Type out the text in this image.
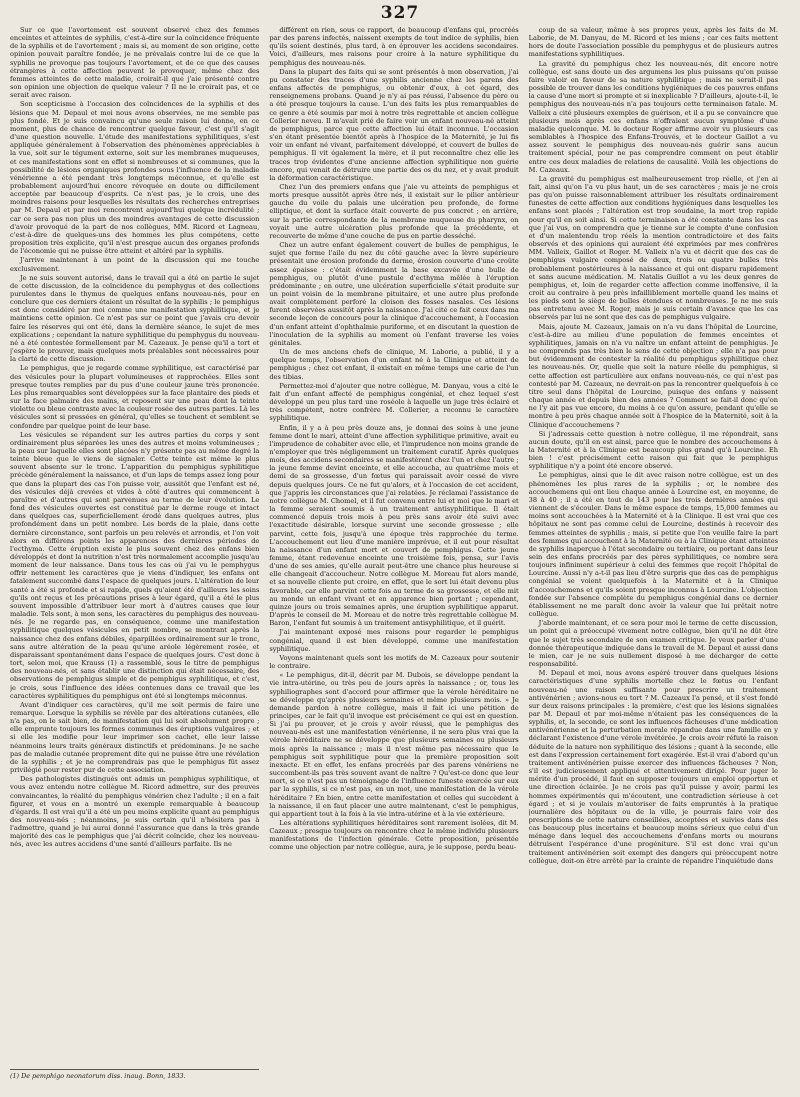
327

Sur ce que l'avortement est souvent observé chez des femmes enceintes et atteintes de syphilis, c'est-à-dire sur la coïncidence fréquente de la syphilis et de l'avortement ; mais si, au moment de son origine, cette opinion pouvait paraître fondée, je ne prévalais contre lui de ce que la syphilis ne provoque pas toujours l'avortement, et de ce que des causes étrangères à cette affection peuvent le provoquer, même chez des femmes atteintes de cette maladie, croirait-il que j'aie présenté contre son opinion une objection de quelque valeur ? Il ne le croirait pas, et ce serait avec raison.

Son scepticisme à l'occasion des coïncidences de la syphilis et des lésions que M. Depaul et moi nous avons observées, ne me semble pas plus fondé. Et je suis convaincu qu'une seule raison lui donne, en ce moment, plus de chance de rencontrer quelque faveur, c'est qu'il s'agit d'une question nouvelle. L'étude des manifestations syphilitiques, s'est appliquée généralement à l'observation des phénomènes appréciables à la vue, soit sur le tégument externe, soit sur les membranes muqueuses, et ces manifestations sont en effet si nombreuses et si communes, que la possibilité de lésions organiques profondes sous l'influence de la maladie vénérienne a été pendant très longtemps méconnue, et qu'elle est probablement aujourd'hui encore révoquée en doute ou difficilement acceptée par beaucoup d'esprits. Ce n'est pas, je le crois, une des moindres raisons pour lesquelles les résultats des recherches entreprises par M. Depaul et par moi rencontrent aujourd'hui quelque incrédulité ; car ce sera pas non plus un des moindres avantages de cette discussion d'avoir provoqué de la part de nos collègues, MM. Ricord et Lagneau, c'est-à-dire de quelques-uns des hommes les plus compétens, cette proposition très explicite, qu'il n'est presque aucun des organes profonds de l'économie qui ne puisse être atteint et altéré par la syphilis.

J'arrive maintenant à un point de la discussion qui me touche exclusivement.

Je ne suis souvent autorisé, dans le travail qui a été en partie le sujet de cette discussion, de la coïncidence du pemphygus et des collections purulentes dans le thymus de quelques enfans nouveau-nés, pour en conclure que ces derniers étaient un résultat de la syphilis ; le pemphigus est donc considéré par moi comme une manifestation syphilitique, et je maintiens cette opinion. Ce n'est pas sur ce point que j'avais cru devoir faire les réserves qui ont été, dans la dernière séance, le sujet de mes explications ; cependant la nature syphilitique du pemphygus du nouveau-né a été contestée formellement par M. Cazeaux. Je pense qu'il a tort et j'espère le prouver, mais quelques mots préalables sont nécessaires pour la clarté de cette discussion.

Le pemphigus, que je regarde comme syphilitique, est caractérisé par des vésicules pour la plupart volumineuses et rapprochées. Elles sont presque toutes remplies par du pus d'une couleur jaune très prononcée. Les plus remarquables sont développées sur la face plantaire des pieds et sur la face palmaire des mains, et reposent sur une peau dont la teinte violette ou bleue contraste avec la couleur rosée des autres parties. Là les vésicules sont si pressées en général, qu'elles se touchent et semblent se confondre par quelque point de leur base.

Les vésicules se répandent sur les autres parties du corps y sont ordinairement plus séparées les unes des autres et moins volumineuses ; la peau sur laquelle elles sont placées n'y présente pas au même degré la teinte bleue que le viens de signaler. Cette teinte est même le plus souvent absente sur le tronc. L'apparition du pemphigus syphilitique précède généralement la naissance, et d'un laps de temps assez long pour que dans la plupart des cas l'on puisse voir, aussitôt que l'enfant est né, des vésicules déjà crevées et vides à côté d'autres qui commencent à paraître et d'autres qui sont parvenues au terme de leur évolution. Le fond des vésicules ouvertes est constitué par le derme rouge et intact dans quelques cas, superficiellement érodé dans quelques autres, plus profondément dans un petit nombre. Les bords de la plaie, dans cette dernière circonstance, sont parfois un peu relevés et arrondis, et l'on voit alors en différens points les apparences des dernières périodes de l'ecthyma. Cette éruption existe le plus souvent chez des enfans bien développés et dont la nutrition n'est très normalement accomplie jusqu'au moment de leur naissance. Dans tous les cas où j'ai vu le pemphygus offrir nettement les caractères que je viens d'indiquer, les enfans ont fatalement succombé dans l'espace de quelques jours. L'altération de leur santé a été si profonde et si rapide, quels qu'aient été d'ailleurs les soins qu'ils ont reçus et les précautions prises à leur égard, qu'il a été le plus souvent impossible d'attribuer leur mort à d'autres causes que leur maladie. Tels sont, à mon sens, les caractères du pemphigus des nouveau-nés. Je ne regarde pas, en conséquence, comme une manifestation syphilitique quelques vésicules en petit nombre, se montrant après la naissance chez des enfans débiles, éparpillées ordinairement sur le tronc, sans autre altération de la peau qu'une aréole légèrement rosée, et disparaissant spontanément dans l'espace de quelques jours. C'est donc à tort, selon moi, que Krauss (1) a rassemblé, sous le titre de pemphigus des nouveau-nés, et sans établir une distinction qui était nécessaire, des observations de pemphigus simple et de pemphigus syphilitique, et c'est, je crois, sous l'influence des idées contenues dans ce travail que les caractères syphilitiques du pemphigus ont été si longtemps méconnus.

Avant d'indiquer ces caractères, qu'il me soit permis de faire une remarque. Lorsque la syphilis se révèle par des altérations cutanées, elle n'a pas, on le sait bien, de manifestation qui lui soit absolument propre ; elle emprunte toujours les formes communes des éruptions vulgaires ; et si elle les modifie pour leur imprimer son cachet, elle leur laisse néanmoins leurs traits généraux distinctifs et prédominans. Je ne sache pas de maladie cutanée proprement dite qui ne puisse être une révélation de la syphilis ; et je ne comprendrais pas que le pemphigus fût assez privilégié pour rester pur de cette association.

Des pathologistes distingués ont admis un pemphigus syphilitique, et vous avez entendu notre collègue M. Ricord admettre, sur des preuves convaincantes, la réalité du pemphigus vénérien chez l'adulte ; il en a fait figurer, et vous en a montré un exemple remarquable à beaucoup d'égards. Il est vrai qu'il a été un peu moins explicite quant au pemphigus des nouveau-nés ; néanmoins, je suis certain qu'il n'hésitera pas à l'admettre, quand je lui aurai donné l'assurance que dans la très grande majorité des cas le pemphigus que j'ai décrit coïncide, chez les nouveau-nés, avec les autres accidens d'une santé d'ailleurs parfaite. Ils ne

(1) De pemphigo neonatorum diss. inaug. Bonn, 1833.

différent en rien, sous ce rapport, de beaucoup d'enfans qui, procréés par des parens infectés, naissent exempts de tout indice de syphilis, bien qu'ils soient destinés, plus tard, à en éprouver les accidens secondaires. Voici, d'ailleurs, mes raisons pour croire à la nature syphilitique du pemphigus des nouveau-nés.

Dans la plupart des faits qui se sont présentés à mon observation, j'ai pu constater des traces d'une syphilis ancienne chez les parens des enfans affectés de pemphigus, ou obtenir d'eux, à cet égard, des renseignemens probans. Quand je n'y ai pas réussi, l'absence du père ou a été presque toujours la cause. L'un des faits les plus remarquables de ce genre a été soumis par moi à notre très regrettable et ancien collègue Collerier neveu. Il m'avait prié de faire voir un enfant nouveau-né atteint de pemphigus, parce que cette affection lui était inconnue. L'occasion s'en étant présentée bientôt après à l'hospice de la Maternité, je lui fis voir un enfant né vivant, parfaitement développé, et couvert de bulles de pemphigus. Il vit également la mère, et il put reconnaître chez elle les traces trop évidentes d'une ancienne affection syphilitique non guérie encore, qui venait de détruire une partie des os du nez, et y avait produit la déformation caractéristique.

Chez l'un des premiers enfans que j'aie vu atteints de pemphigus et morts presque aussitôt après être nés, il existait sur le pilier antérieur gauche du voile du palais une ulcération peu profonde, de forme elliptique, et dont la surface était couverte de pus concret ; en arrière, sur la partie correspondante de la membrane muqueuse du pharynx, on voyait une autre ulcération plus profonde que la précédente, et recouverte de même d'une couche de pus en partie desséché.

Chez un autre enfant également couvert de bulles de pemphigus, le sujet que forme l'aile du nez du côté gauche avec la lèvre supérieure présentait une érosion profonde du derme, érosion couverte d'une croûte assez épaisse : c'était évidemment la base excavée d'une bulle de pemphigus, ou plutôt d'une pustule d'ecthyma mêlée à l'éruption prédominante ; en outre, une ulcération superficielle s'était produite sur un point voisin de la membrane pituitaire, et une autre plus profonde avait complètement perforé la cloison des fosses nasales. Ces lésions furent observées aussitôt après la naissance. J'ai cité ce fait ceux dans ma seconde leçon de concours pour la clinique d'accouchement, à l'occasion d'un enfant atteint d'ophthalmie puriforme, et en discutant la question de l'inoculation de la syphilis au moment où l'enfant traverse les voies génitales.

Un de mes anciens chefs de clinique, M. Laborie, a publié, il y a quelque temps, l'observation d'un enfant né à la Clinique et atteint de pemphigus ; chez cet enfant, il existait en même temps une carie de l'un des tibias.

Permettez-moi d'ajouter que notre collègue, M. Danyau, vous a cité le fait d'un enfant affecté de pemphigus congénial, et chez lequel s'est développé un peu plus tard une roséole à laquelle un juge très éclairé et très compétent, notre confrère M. Collerier, a reconnu le caractère syphilitique.

Enfin, il y a à peu près douze ans, je donnai des soins à une jeune femme dont le mari, atteint d'une affection syphilitique primitive, avait eu l'imprudence de cohabiter avec elle, et l'imprudence non moins grande de n'employer que très négligemment un traitement curatif. Après quelques mois, des accidens secondaires se manifestèrent chez l'un et chez l'autre ; la jeune femme devint enceinte, et elle accoucha, au quatrième mois et demi de sa grossesse, d'un fœtus qui paraissait avoir cessé de vivre depuis quelques jours. Ce ne fut qu'alors, et à l'occasion de cet accident, que j'appris les circonstances que j'ai relatées. Je réclamai l'assistance de notre collègue M. Chomel, et il fut convenu entre lui et moi que le mari et la femme seraient soumis à un traitement antisyphilitique. Il était commencé depuis trois mois à peu près sans avoir été suivi avec l'exactitude désirable, lorsque survint une seconde grossesse ; elle parvint, cette fois, jusqu'à une époque très rapprochée du terme. L'accouchement eut lieu d'une manière imprévue, et il eut pour résultat la naissance d'un enfant mort et couvert de pemphigus. Cette jeune femme, étant redevenue enceinte une troisième fois, pensa, sur l'avis d'une de ses amies, qu'elle aurait peut-être une chance plus heureuse si elle changeait d'accoucheur. Notre collègue M. Moreau fut alors mandé, et sa nouvelle cliente put croire, en effet, que le sort lui était devenu plus favorable, car elle parvint cette fois au terme de sa grossesse, et elle mit au monde un enfant vivant et en apparence bien portant ; cependant, quinze jours ou trois semaines après, une éruption syphilitique apparut. D'après le conseil de M. Moreau et de notre très regrettable collègue M. Baron, l'enfant fut soumis à un traitement antisyphilitique, et il guérit.

J'ai maintenant exposé mes raisons pour regarder le pemphigus congénial, quand il est bien développé, comme une manifestation syphilitique.

Voyons maintenant quels sont les motifs de M. Cazeaux pour soutenir le contraire.

« Le pemphigus, dit-il, décrit par M. Dubois, se développe pendant la vie intra-utérine, ou très peu de jours après la naissance ; or, tous les syphiliographes sont d'accord pour affirmer que la vérole héréditaire ne se développe qu'après plusieurs semaines et même plusieurs mois. » Je demande pardon à notre collègue, mais il fait ici une pétition de principes, car le fait qu'il invoque est précisément ce qui est en question. Si j'ai pu prouver, et je crois y avoir réussi, que le pemphigus des nouveau-nés est une manifestation vénérienne, il ne sera plus vrai que la vérole héréditaire ne se développe que plusieurs semaines ou plusieurs mois après la naissance ; mais il n'est même pas nécessaire que le pemphigus soit syphilitique pour que la première proposition soit inexacte. Et en effet, les enfans procréés par des parens vénériens ne succombent-ils pas très souvent avant de naître ? Qu'est-ce donc que leur mort, si ce n'est pas un témoignage de l'influence funeste exercée sur eux par la syphilis, si ce n'est pas, en un mot, une manifestation de la vérole héréditaire ? En bien, entre cette manifestation et celles qui succèdent à la naissance, il en faut placer une autre maintenant, c'est le pemphigus, qui appartient tout à la fois à la vie intra-utérine et à la vie extérieure.

Les altérations syphilitiques héréditaires sont rarement isolées, dit M. Cazeaux ; presque toujours on rencontre chez le même individu plusieurs manifestations de l'infection générale. Cette proposition, présentée comme une objection par notre collègue, aura, je le suppose, perdu beau-

coup de sa valeur, même à ses propres yeux, après les faits de M. Laborie, de M. Danyau, de M. Ricord et les miens ; car ces faits mettent hors de doute l'association possible du pemphygus et de plusieurs autres manifestations syphilitiques.

La gravité du pemphigus chez les nouveau-nés, dit encore notre collègue, est sans doute un des argumens les plus puissans qu'on puisse faire valoir en faveur de sa nature syphilitique ; mais ne serait-il pas possible de trouver dans les conditions hygiéniques de ces pauvres enfans la cause d'une mort si prompte et si inexplicable ? D'ailleurs, ajoute-t-il, le pemphigus des nouveau-nés n'a pas toujours cette terminaison fatale. M. Valleix a cité plusieurs exemples de guérison, et il a pu se convaincre que plusieurs mois après ces enfans n'offraient aucun symptôme d'une maladie quelconque. M. le docteur Roger affirme avoir vu plusieurs cas semblables à l'hospice des Enfans-Trouvés, et le docteur Gaillot a vu assez souvent le pemphigus des nouveau-nés guérir sans aucun traitement spécial, pour ne pas comprendre comment on peut établir entre ces deux maladies de relations de causalité. Voilà les objections de M. Cazeaux.

La gravité du pemphigus est malheureusement trop réelle, et j'en ai fait, ainsi qu'on l'a vu plus haut, un de ses caractères ; mais je ne crois pas qu'on puisse raisonnablement attribuer les résultats ordinairement funestes de cette affection aux conditions hygiéniques dans lesquelles les enfans sont placés ; l'altération est trop soudaine, la mort trop rapide pour qu'il en soit ainsi. Si cette terminaison a été constante dans les cas que j'ai vus, on comprendra que je tienne sur le compte d'une confusion et d'un malentendu trop réels la mention contradictoire et des faits observés et des opinions qui auraient été exprimées par mes confrères MM. Valleix, Gaillot et Roger. M. Valleix n'a vu et décrit que des cas de pemphigus vulgaire composé de deux, trois ou quatre bulles très probablement postérieures à la naissance et qui ont disparu rapidement et sans aucune médication. M. Natalis Guillot a vu les deux genres de pemphigus, et, loin de regarder cette affection comme inoffensive, il la croit au contraire à peu près infailliblement mortelle quand les mains et les pieds sont le siège de bulles étendues et nombreuses. Je ne me suis pas entretenu avec M. Roger, mais je suis certain d'avance que les cas observés par lui ne sont que des cas de pemphigus vulgaire.

Mais, ajoute M. Cazeaux, jamais on n'a vu dans l'hôpital de Lourcine, c'est-à-dire au milieu d'une population de femmes enceintes et syphilitiques, jamais on n'a vu naître un enfant atteint de pemphigus. Je ne comprends pas très bien le sens de cette objection ; elle n'a pas pour but évidemment de contester la réalité du pemphigus syphilitique chez les nouveau-nés. Or, quelle que soit la nature réelle du pemphigus, si cette affection est particulière aux enfans nouveau-nés, ce qui n'est pas contesté par M. Cazeaux, ne devrait-on pas la rencontrer quelquefois à ce titre seul dans l'hôpital de Lourcine, puisque des enfans y naissent chaque année et depuis bien des années ? Comment se fait-il donc qu'on ne l'y ait pas vue encore, du moins à ce qu'on assure, pendant qu'elle se montre à peu près chaque année soit à l'hospice de la Maternité, soit à la Clinique d'accouchemens ?

Si j'adressais cette question à notre collègue, il me répondrait, sans aucun doute, qu'il en est ainsi, parce que le nombre des accouchemens à la Maternité et à la Clinique est beaucoup plus grand qu'à Lourcine. Eh bien ! c'est précisément cette raison qui fait que le pemphigus syphilitique n'y a point été encore observé.

Le pemphigus, ainsi que le dit avec raison notre collègue, est un des phénomènes les plus rares de la syphilis ; or, le nombre des accouchemens qui ont lieu chaque année à Lourcine est, en moyenne, de 38 à 40 ; il a été en tout de 143 pour les trois dernières années qui viennent de s'écouler. Dans le même espace de temps, 15,000 femmes au moins sont accouchées à la Maternité et à la Clinique. Il est vrai que ces hôpitaux ne sont pas comme celui de Lourcine, destinés à recevoir des femmes atteintes de syphilis ; mais, si petite que l'on veuille faire la part des femmes qui accouchent à la Maternité ou à la Clinique étant atteintes de syphilis inaperçue à l'état secondaire ou tertiaire, ou portant dans leur sein des enfans procréés par des pères syphilitiques, ce nombre sera toujours infiniment supérieur à celui des femmes que reçoit l'hôpital de Lourcine. Aussi n'y a-t-il pas lieu d'être surpris que des cas de pemphigus congénial se voient quelquefois à la Maternité et à la Clinique d'accouchemens et qu'ils soient presque inconnus à Lourcine. L'objection fondée sur l'absence complète du pemphigus congénial dans ce dernier établissement ne me paraît donc avoir la valeur que lui prêtait notre collègue.

J'aborde maintenant, et ce sera pour moi le terme de cette discussion, un point qui a préoccupé vivement notre collègue, bien qu'il ne dût être que le sujet très secondaire de son examen critique. Je veux parler d'une donnée thérapeutique indiquée dans le travail de M. Depaul et aussi dans le mien, car je ne suis nullement disposé à me décharger de cette responsabilité.

M. Depaul et moi, nous avons espéré trouver dans quelques lésions caractéristiques d'une syphilis mortelle chez le fœtus ou l'enfant nouveau-né une raison suffisante pour prescrire un traitement antivénérien ; avions-nous eu tort ? M. Cazeaux l'a pensé, et il s'est fondé sur deux raisons principales : la première, c'est que les lésions signalées par M. Depaul et par moi-même n'étaient pas les conséquences de la syphilis, et, la seconde, ce sont les influences fâcheuses d'une médication antivénérienne et la perturbation morale répandue dans une famille en y déclarant l'existence d'une vérole invétérée. Je crois avoir réfuté la raison déduite de la nature non syphilitique des lésions ; quant à la seconde, elle est dans l'expression certainement fort exagérée. Est-il vrai d'abord qu'un traitement antivénérien puisse exercer des influences fâcheuses ? Non, s'il est judicieusement appliqué et attentivement dirigé. Pour juger le mérite d'un procédé, il faut en supposer toujours un emploi opportun et une direction éclairée. Je ne crois pas qu'il puisse y avoir, parmi les hommes expérimentés qui m'écoutent, une contradiction sérieuse à cet égard ; et si je voulais m'autoriser de faits empruntés à la pratique journalière des hôpitaux ou de la ville, je pourrais faire voir des prescriptions de cette nature conseillées, acceptées et suivies dans des cas beaucoup plus incertains et beaucoup moins sérieux que celui d'un ménage dans lequel des accouchemens d'enfans morts ou mourans détruisent l'espérance d'une progéniture. S'il est donc vrai qu'un traitement antivénérien soit exempt des dangers qui préoccupent notre collègue, doit-on être arrêté par la crainte de répandre l'inquiétude dans
